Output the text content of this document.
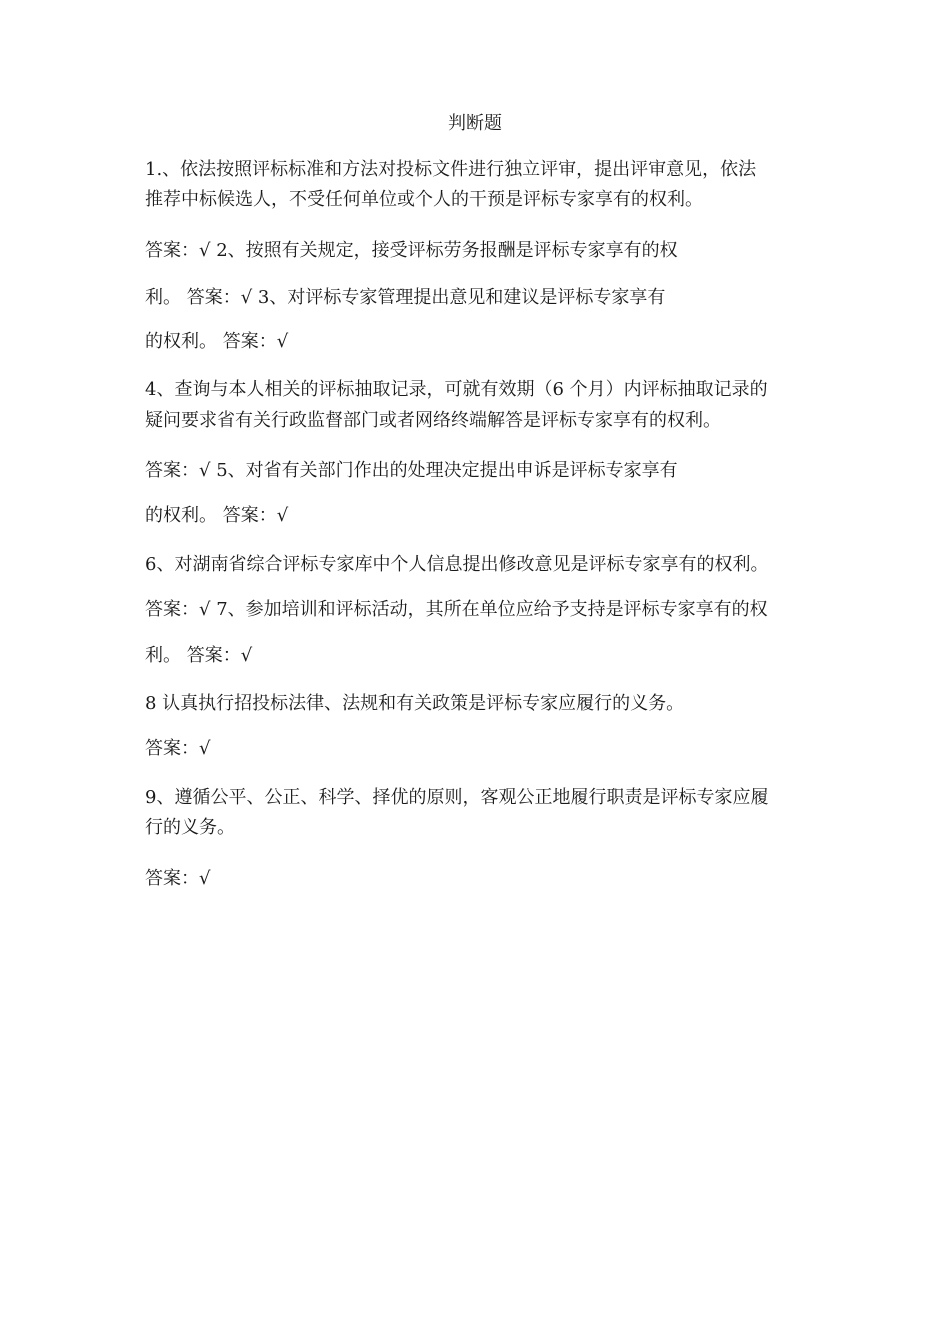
判断题
1.、依法按照评标标准和方法对投标文件进行独立评审，提出评审意见，依法
推荐中标候选人，不受任何单位或个人的干预是评标专家享有的权利。
答案：√ 2、按照有关规定，接受评标劳务报酬是评标专家享有的权
利。 答案：√ 3、对评标专家管理提出意见和建议是评标专家享有
的权利。 答案：√
4、查询与本人相关的评标抽取记录，可就有效期（6 个月）内评标抽取记录的
疑问要求省有关行政监督部门或者网络终端解答是评标专家享有的权利。
答案：√ 5、对省有关部门作出的处理决定提出申诉是评标专家享有
的权利。 答案：√
6、对湖南省综合评标专家库中个人信息提出修改意见是评标专家享有的权利。
答案：√ 7、参加培训和评标活动，其所在单位应给予支持是评标专家享有的权
利。 答案：√
8 认真执行招投标法律、法规和有关政策是评标专家应履行的义务。
答案：√
9、遵循公平、公正、科学、择优的原则，客观公正地履行职责是评标专家应履
行的义务。
答案：√
